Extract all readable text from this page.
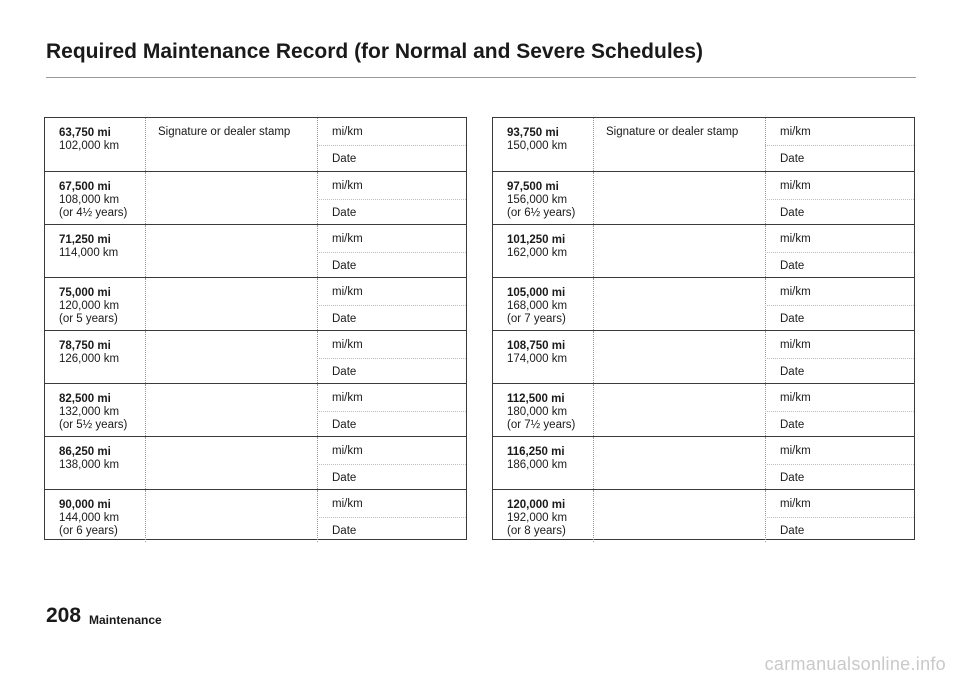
Required Maintenance Record (for Normal and Severe Schedules)
63,750 mi
102,000 km
Signature or dealer stamp	mi/km
Date
67,500 mi
108,000 km
(or 4½ years)
mi/km
Date
71,250 mi
114,000 km
mi/km
Date
75,000 mi
120,000 km
(or 5 years)
mi/km
Date
78,750 mi
126,000 km
mi/km
Date
82,500 mi
132,000 km
(or 5½ years)
mi/km
Date
86,250 mi
138,000 km
mi/km
Date
90,000 mi
144,000 km
(or 6 years)
mi/km
Date
93,750 mi
150,000 km
Signature or dealer stamp	mi/km
Date
97,500 mi
156,000 km
(or 6½ years)
mi/km
Date
101,250 mi
162,000 km
mi/km
Date
105,000 mi
168,000 km
(or 7 years)
mi/km
Date
108,750 mi
174,000 km
mi/km
Date
112,500 mi
180,000 km
(or 7½ years)
mi/km
Date
116,250 mi
186,000 km
mi/km
Date
120,000 mi
192,000 km
(or 8 years)
mi/km
Date
208 Maintenance
carmanualsonline.info
